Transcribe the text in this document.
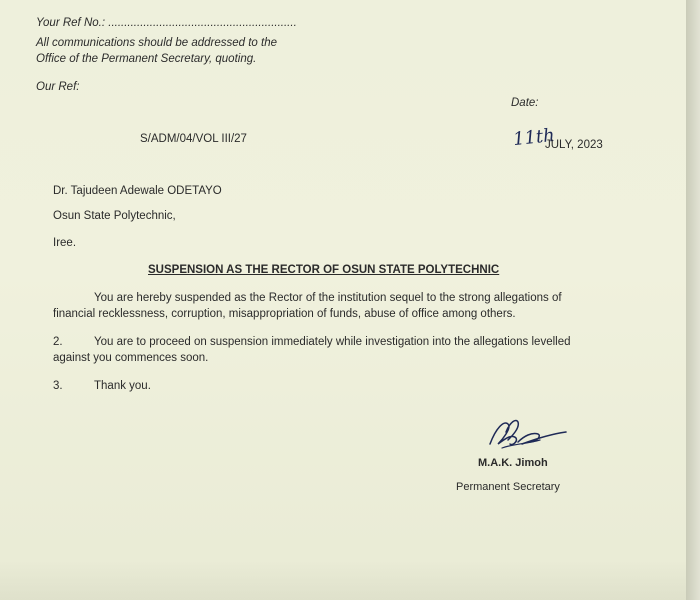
Your Ref No.: ...........................................................
All communications should be addressed to the
Office of the Permanent Secretary, quoting.
Our Ref:
Date:
S/ADM/04/VOL III/27	11th
JULY, 2023
Dr. Tajudeen Adewale ODETAYO
Osun State Polytechnic,
Iree.
SUSPENSION AS THE RECTOR OF OSUN STATE POLYTECHNIC
You are hereby suspended as the Rector of the institution sequel to the strong allegations of
financial recklessness, corruption, misappropriation of funds, abuse of office among others.
2.	You are to proceed on suspension immediately while investigation into the allegations levelled
against you commences soon.
3.	Thank you.
M.A.K. Jimoh
Permanent Secretary
